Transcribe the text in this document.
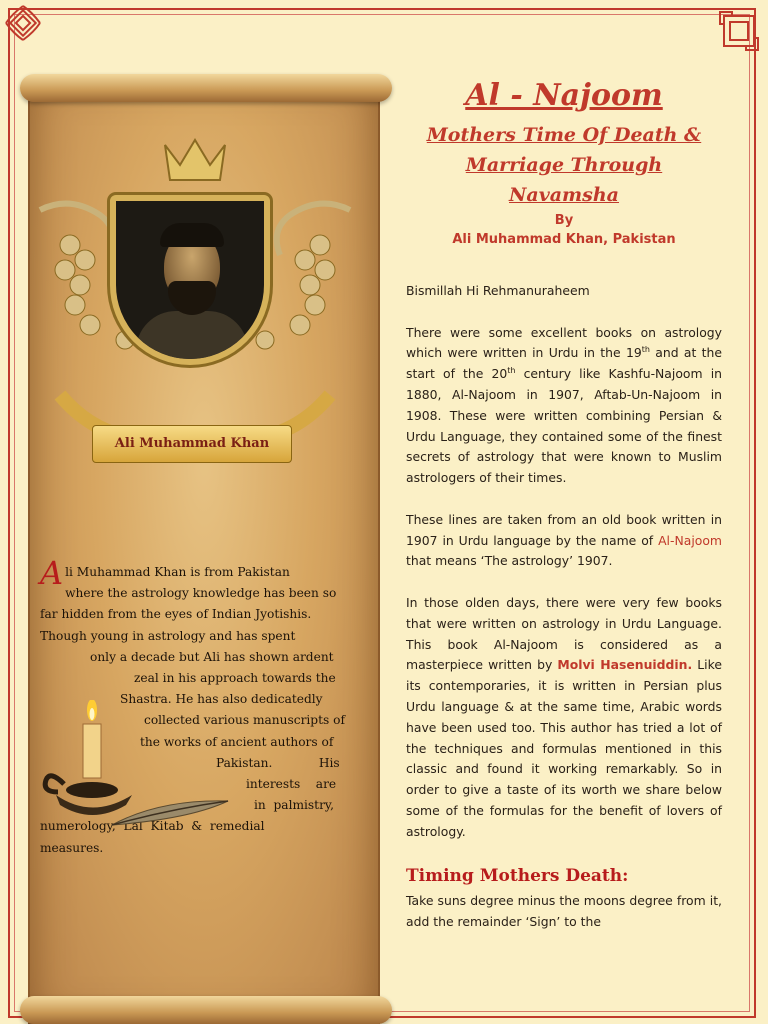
Ali Muhammad Khan
A li Muhammad Khan is from Pakistan
where the astrology knowledge has been so
far hidden from the eyes of Indian Jyotishis.
Though young in astrology and has spent
only a decade but Ali has shown ardent
zeal in his approach towards the
Shastra. He has also dedicatedly
collected various manuscripts of
the works of ancient authors of
Pakistan.            His
interests    are
in  palmistry,
numerology,  Lal  Kitab  &  remedial
measures.
Al - Najoom
Mothers Time Of Death &
Marriage Through
Navamsha
By
Ali Muhammad Khan, Pakistan

Bismillah Hi Rehmanuraheem

There were some excellent books on astrology which were written in Urdu in the 19th and at the start of the 20th century like Kashfu-Najoom in 1880, Al-Najoom in 1907, Aftab-Un-Najoom in 1908. These were written combining Persian & Urdu Language, they contained some of the finest secrets of astrology that were known to Muslim astrologers of their times.

These lines are taken from an old book written in 1907 in Urdu language by the name of Al-Najoom that means ‘The astrology’ 1907.

In those olden days, there were very few books that were written on astrology in Urdu Language. This book Al-Najoom is considered as a masterpiece written by Molvi Hasenuiddin. Like its contemporaries, it is written in Persian plus Urdu language & at the same time, Arabic words have been used too. This author has tried a lot of the techniques and formulas mentioned in this classic and found it working remarkably. So in order to give a taste of its worth we share below some of the formulas for the benefit of lovers of astrology.

Timing Mothers Death:

Take suns degree minus the moons degree from it, add the remainder ‘Sign’ to the
